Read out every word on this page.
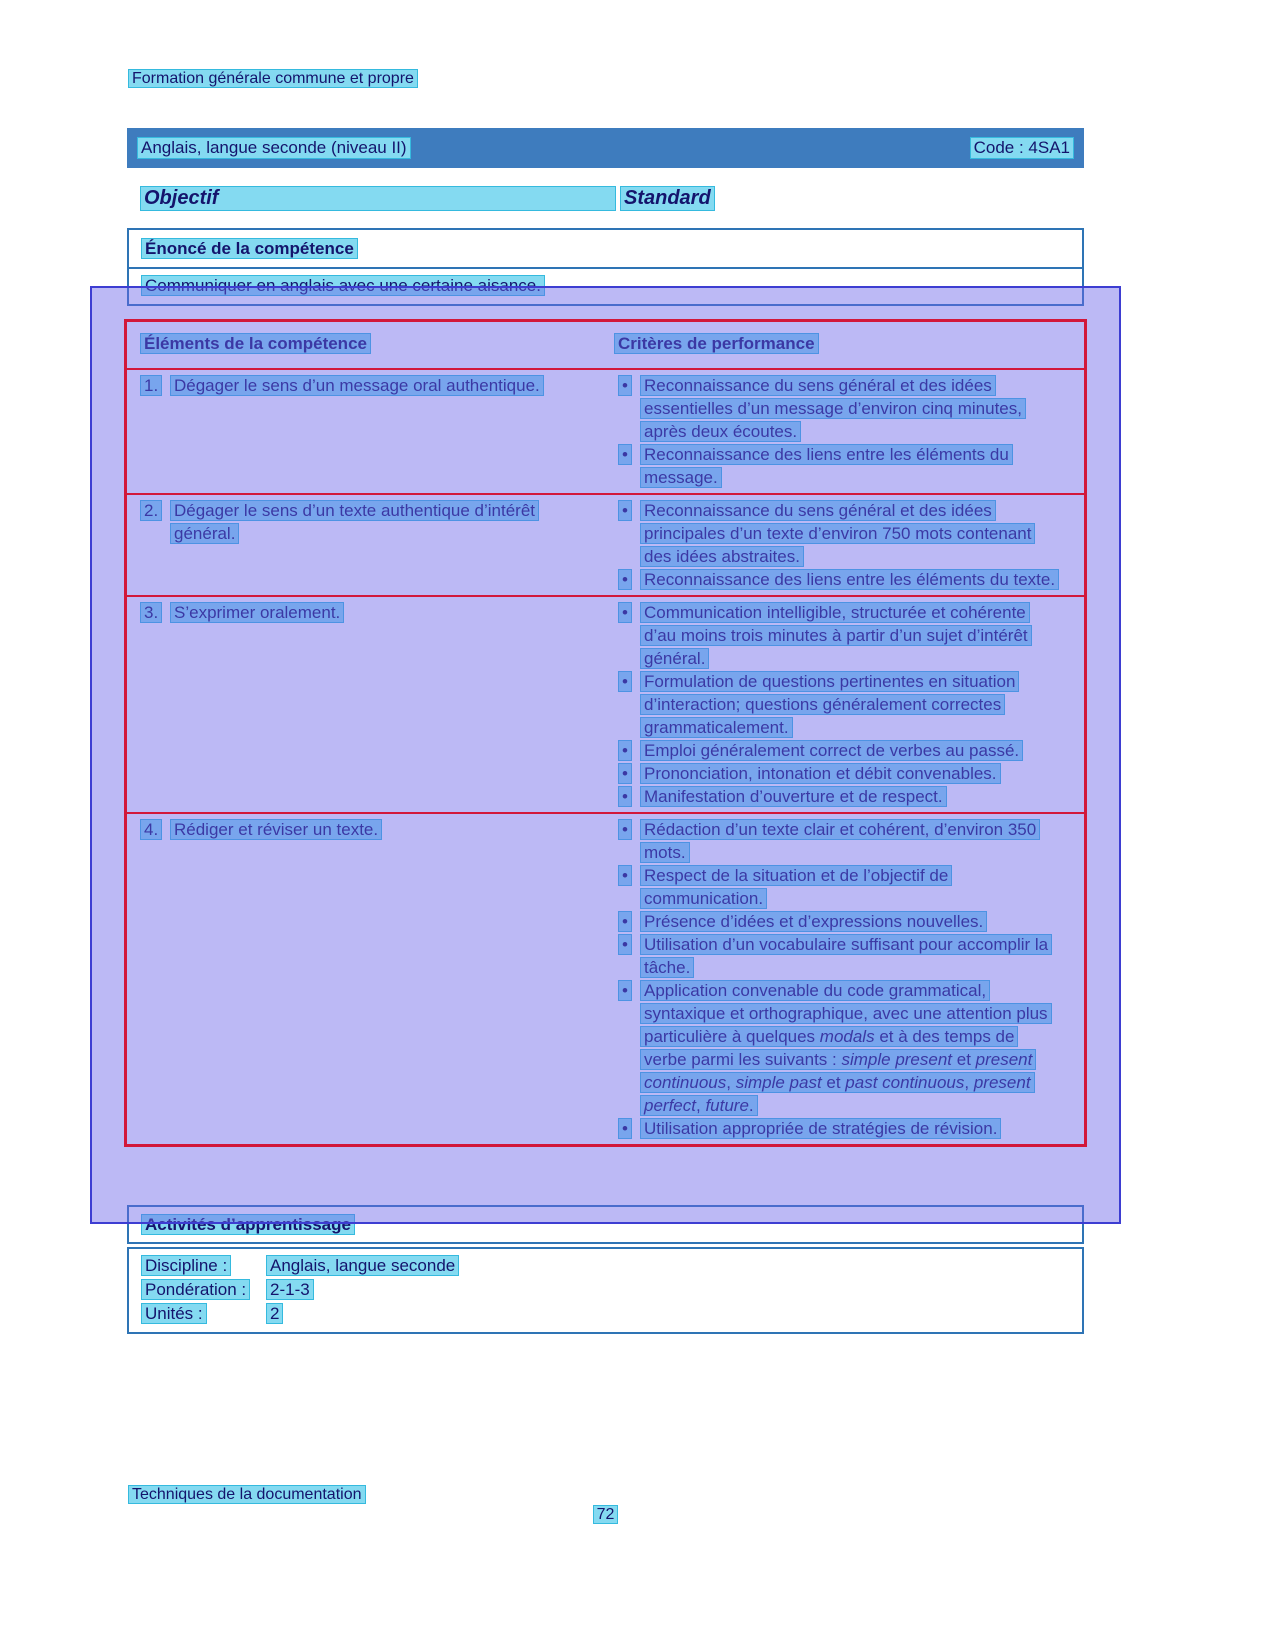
Formation générale commune et propre
Anglais, langue seconde (niveau II)	Code : 4SA1
Objectif	Standard
Énoncé de la compétence
Communiquer en anglais avec une certaine aisance.
Éléments de la compétence	Critères de performance
1. Dégager le sens d’un message oral authentique.	• Reconnaissance du sens général et des idées essentielles d’un message d’environ cinq minutes, après deux écoutes.
• Reconnaissance des liens entre les éléments du message.
2. Dégager le sens d’un texte authentique d’intérêt général.
• Reconnaissance du sens général et des idées principales d’un texte d’environ 750 mots contenant des idées abstraites.
• Reconnaissance des liens entre les éléments du texte.
3. S’exprimer oralement.	• Communication intelligible, structurée et cohérente d’au moins trois minutes à partir d’un sujet d’intérêt général.
• Formulation de questions pertinentes en situation d’interaction; questions généralement correctes grammaticalement.
• Emploi généralement correct de verbes au passé.
• Prononciation, intonation et débit convenables.
• Manifestation d’ouverture et de respect.
4. Rédiger et réviser un texte.	• Rédaction d’un texte clair et cohérent, d’environ 350 mots.
• Respect de la situation et de l’objectif de communication.
• Présence d’idées et d’expressions nouvelles.
• Utilisation d’un vocabulaire suffisant pour accomplir la tâche.
• Application convenable du code grammatical, syntaxique et orthographique, avec une attention plus particulière à quelques modals et à des temps de verbe parmi les suivants : simple present et present continuous, simple past et past continuous, present perfect, future.
• Utilisation appropriée de stratégies de révision.
Activités d’apprentissage
Discipline :	Anglais, langue seconde
Pondération :	2-1-3
Unités :	2
Techniques de la documentation
72
